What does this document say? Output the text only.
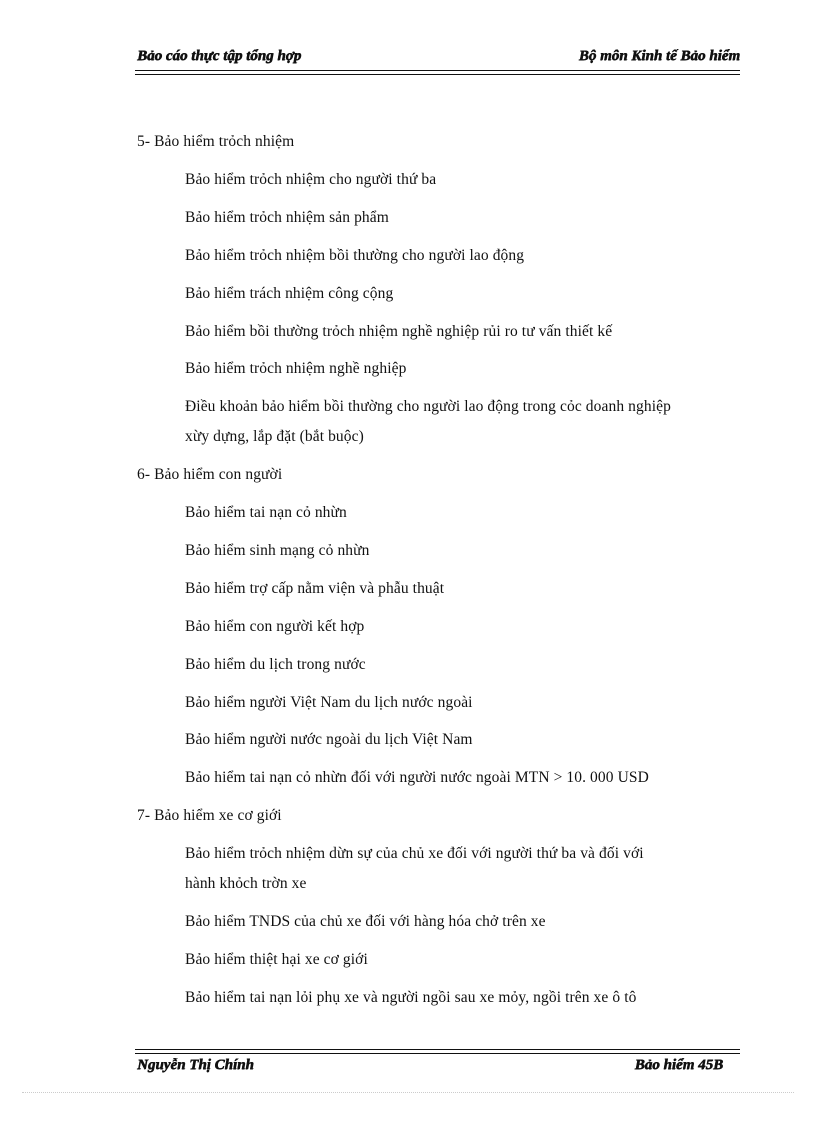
Bảo cáo thực tập tổng hợp	Bộ môn Kinh tế Bảo hiểm
5- Bảo hiểm trỏch nhiệm
Bảo hiểm trỏch nhiệm cho người thứ ba
Bảo hiểm trỏch nhiệm sản phẩm
Bảo hiểm trỏch nhiệm bồi thường cho người lao động
Bảo hiểm trách nhiệm công cộng
Bảo hiểm bồi thường trỏch nhiệm nghề nghiệp rủi ro tư vấn thiết kế
Bảo hiểm trỏch nhiệm nghề nghiệp
Điều khoản bảo hiểm bồi thường cho người lao động trong cỏc doanh nghiệp
xừy dựng, lắp đặt (bắt buộc)
6- Bảo hiểm con người
Bảo hiểm tai nạn cỏ nhừn
Bảo hiểm sinh mạng cỏ nhừn
Bảo hiểm trợ cấp nằm viện và phẫu thuật
Bảo hiểm con người kết hợp
Bảo hiểm du lịch trong nước
Bảo hiểm người Việt Nam du lịch nước ngoài
Bảo hiểm người nước ngoài du lịch Việt Nam
Bảo hiểm tai nạn cỏ nhừn đối với người nước ngoài MTN > 10. 000 USD
7- Bảo hiểm xe cơ giới
Bảo hiểm trỏch nhiệm dừn sự của chủ xe đối với người thứ ba và đối với
hành khỏch trờn xe
Bảo hiểm TNDS của chủ xe đối với hàng hóa chở trên xe
Bảo hiểm thiệt hại xe cơ giới
Bảo hiểm tai nạn lỏi phụ xe và người ngồi sau xe mỏy, ngồi trên xe ô tô
Nguyễn Thị Chính	Bảo hiểm 45B
